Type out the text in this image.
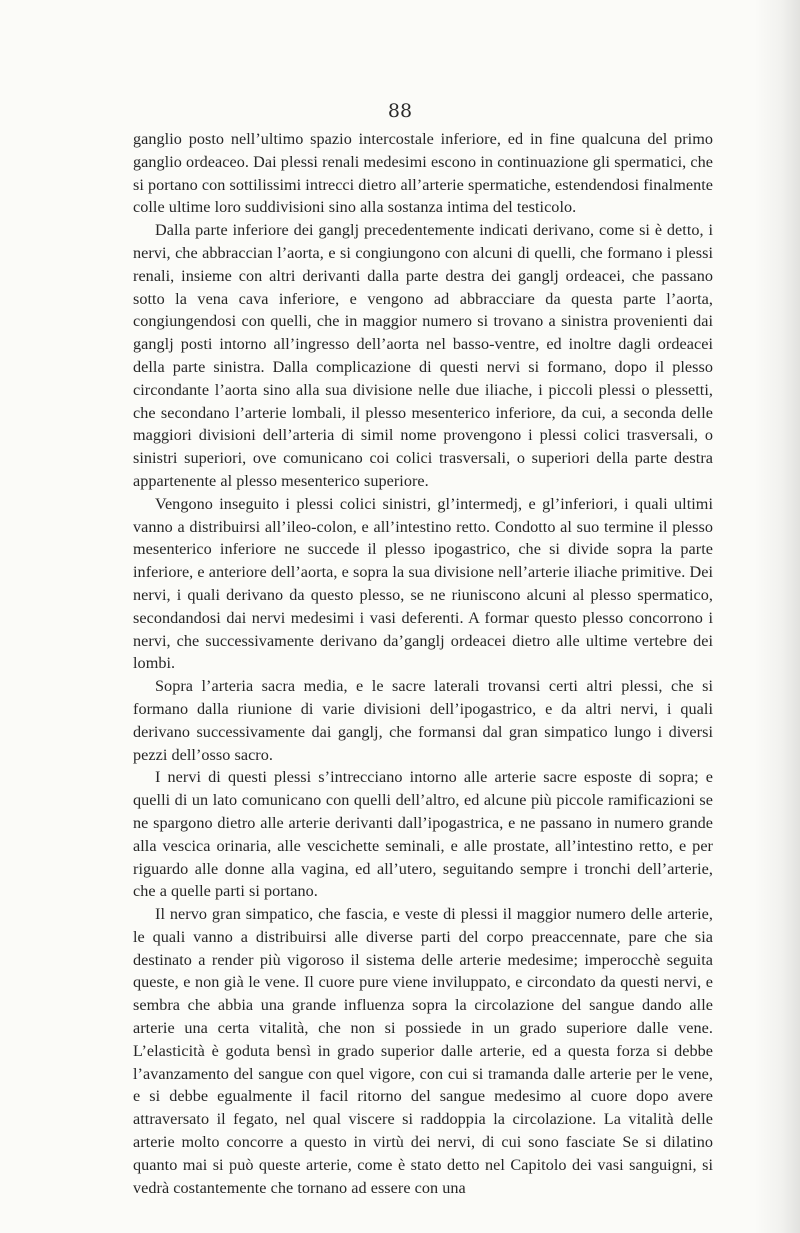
88

ganglio posto nell’ultimo spazio intercostale inferiore, ed in fine qualcuna del primo ganglio ordeaceo. Dai plessi renali medesimi escono in continuazione gli spermatici, che si portano con sottilissimi intrecci dietro all’arterie spermatiche, estendendosi finalmente colle ultime loro suddivisioni sino alla sostanza intima del testicolo.

Dalla parte inferiore dei ganglj precedentemente indicati derivano, come si è detto, i nervi, che abbraccian l’aorta, e si congiungono con alcuni di quelli, che formano i plessi renali, insieme con altri derivanti dalla parte destra dei ganglj ordeacei, che passano sotto la vena cava inferiore, e vengono ad abbracciare da questa parte l’aorta, congiungendosi con quelli, che in maggior numero si trovano a sinistra provenienti dai ganglj posti intorno all’ingresso dell’aorta nel basso-ventre, ed inoltre dagli ordeacei della parte sinistra. Dalla complicazione di questi nervi si formano, dopo il plesso circondante l’aorta sino alla sua divisione nelle due iliache, i piccoli plessi o plessetti, che secondano l’arterie lombali, il plesso mesenterico inferiore, da cui, a seconda delle maggiori divisioni dell’arteria di simil nome provengono i plessi colici trasversali, o sinistri superiori, ove comunicano coi colici trasversali, o superiori della parte destra appartenente al plesso mesenterico superiore.

Vengono inseguito i plessi colici sinistri, gl’intermedj, e gl’inferiori, i quali ultimi vanno a distribuirsi all’ileo-colon, e all’intestino retto. Condotto al suo termine il plesso mesenterico inferiore ne succede il plesso ipogastrico, che si divide sopra la parte inferiore, e anteriore dell’aorta, e sopra la sua divisione nell’arterie iliache primitive. Dei nervi, i quali derivano da questo plesso, se ne riuniscono alcuni al plesso spermatico, secondandosi dai nervi medesimi i vasi deferenti. A formar questo plesso concorrono i nervi, che successivamente derivano da’ganglj ordeacei dietro alle ultime vertebre dei lombi.

Sopra l’arteria sacra media, e le sacre laterali trovansi certi altri plessi, che si formano dalla riunione di varie divisioni dell’ipogastrico, e da altri nervi, i quali derivano successivamente dai ganglj, che formansi dal gran simpatico lungo i diversi pezzi dell’osso sacro.

I nervi di questi plessi s’intrecciano intorno alle arterie sacre esposte di sopra; e quelli di un lato comunicano con quelli dell’altro, ed alcune più piccole ramificazioni se ne spargono dietro alle arterie derivanti dall’ipogastrica, e ne passano in numero grande alla vescica orinaria, alle vescichette seminali, e alle prostate, all’intestino retto, e per riguardo alle donne alla vagina, ed all’utero, seguitando sempre i tronchi dell’arterie, che a quelle parti si portano.

Il nervo gran simpatico, che fascia, e veste di plessi il maggior numero delle arterie, le quali vanno a distribuirsi alle diverse parti del corpo preaccennate, pare che sia destinato a render più vigoroso il sistema delle arterie medesime; imperocchè seguita queste, e non già le vene. Il cuore pure viene inviluppato, e circondato da questi nervi, e sembra che abbia una grande influenza sopra la circolazione del sangue dando alle arterie una certa vitalità, che non si possiede in un grado superiore dalle vene. L’elasticità è goduta bensì in grado superior dalle arterie, ed a questa forza si debbe l’avanzamento del sangue con quel vigore, con cui si tramanda dalle arterie per le vene, e si debbe egualmente il facil ritorno del sangue medesimo al cuore dopo avere attraversato il fegato, nel qual viscere si raddoppia la circolazione. La vitalità delle arterie molto concorre a questo in virtù dei nervi, di cui sono fasciate Se si dilatino quanto mai si può queste arterie, come è stato detto nel Capitolo dei vasi sanguigni, si vedrà costantemente che tornano ad essere con una
